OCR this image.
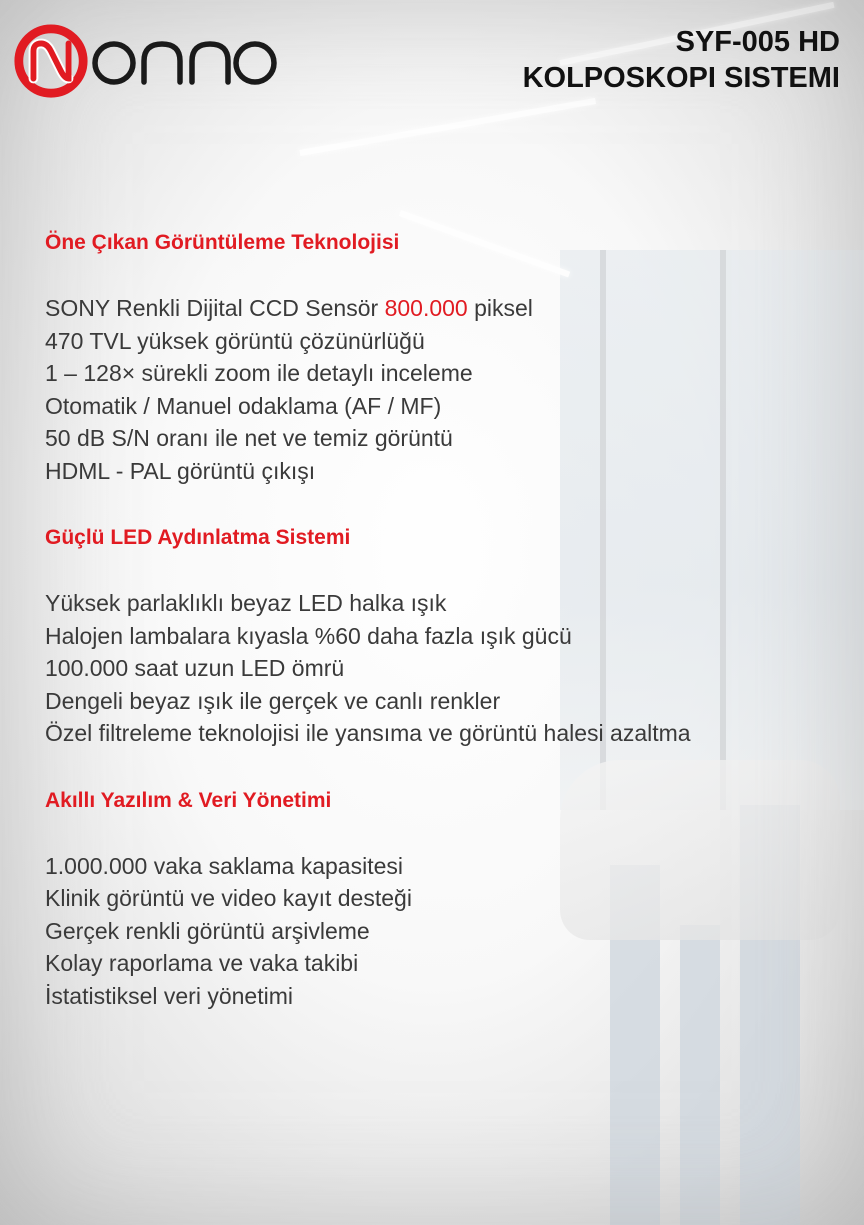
SYF-005 HD
KOLPOSKOPI SISTEMI
Öne Çıkan Görüntüleme Teknolojisi
SONY Renkli Dijital CCD Sensör 800.000 piksel
470 TVL yüksek görüntü çözünürlüğü
1 – 128× sürekli zoom ile detaylı inceleme
Otomatik / Manuel odaklama (AF / MF)
50 dB S/N oranı ile net ve temiz görüntü
HDML - PAL görüntü çıkışı
Güçlü LED Aydınlatma Sistemi
Yüksek parlaklıklı beyaz LED halka ışık
Halojen lambalara kıyasla %60 daha fazla ışık gücü
100.000 saat uzun LED ömrü
Dengeli beyaz ışık ile gerçek ve canlı renkler
Özel filtreleme teknolojisi ile yansıma ve görüntü halesi azaltma
Akıllı Yazılım & Veri Yönetimi
1.000.000 vaka saklama kapasitesi
Klinik görüntü ve video kayıt desteği
Gerçek renkli görüntü arşivleme
Kolay raporlama ve vaka takibi
İstatistiksel veri yönetimi
